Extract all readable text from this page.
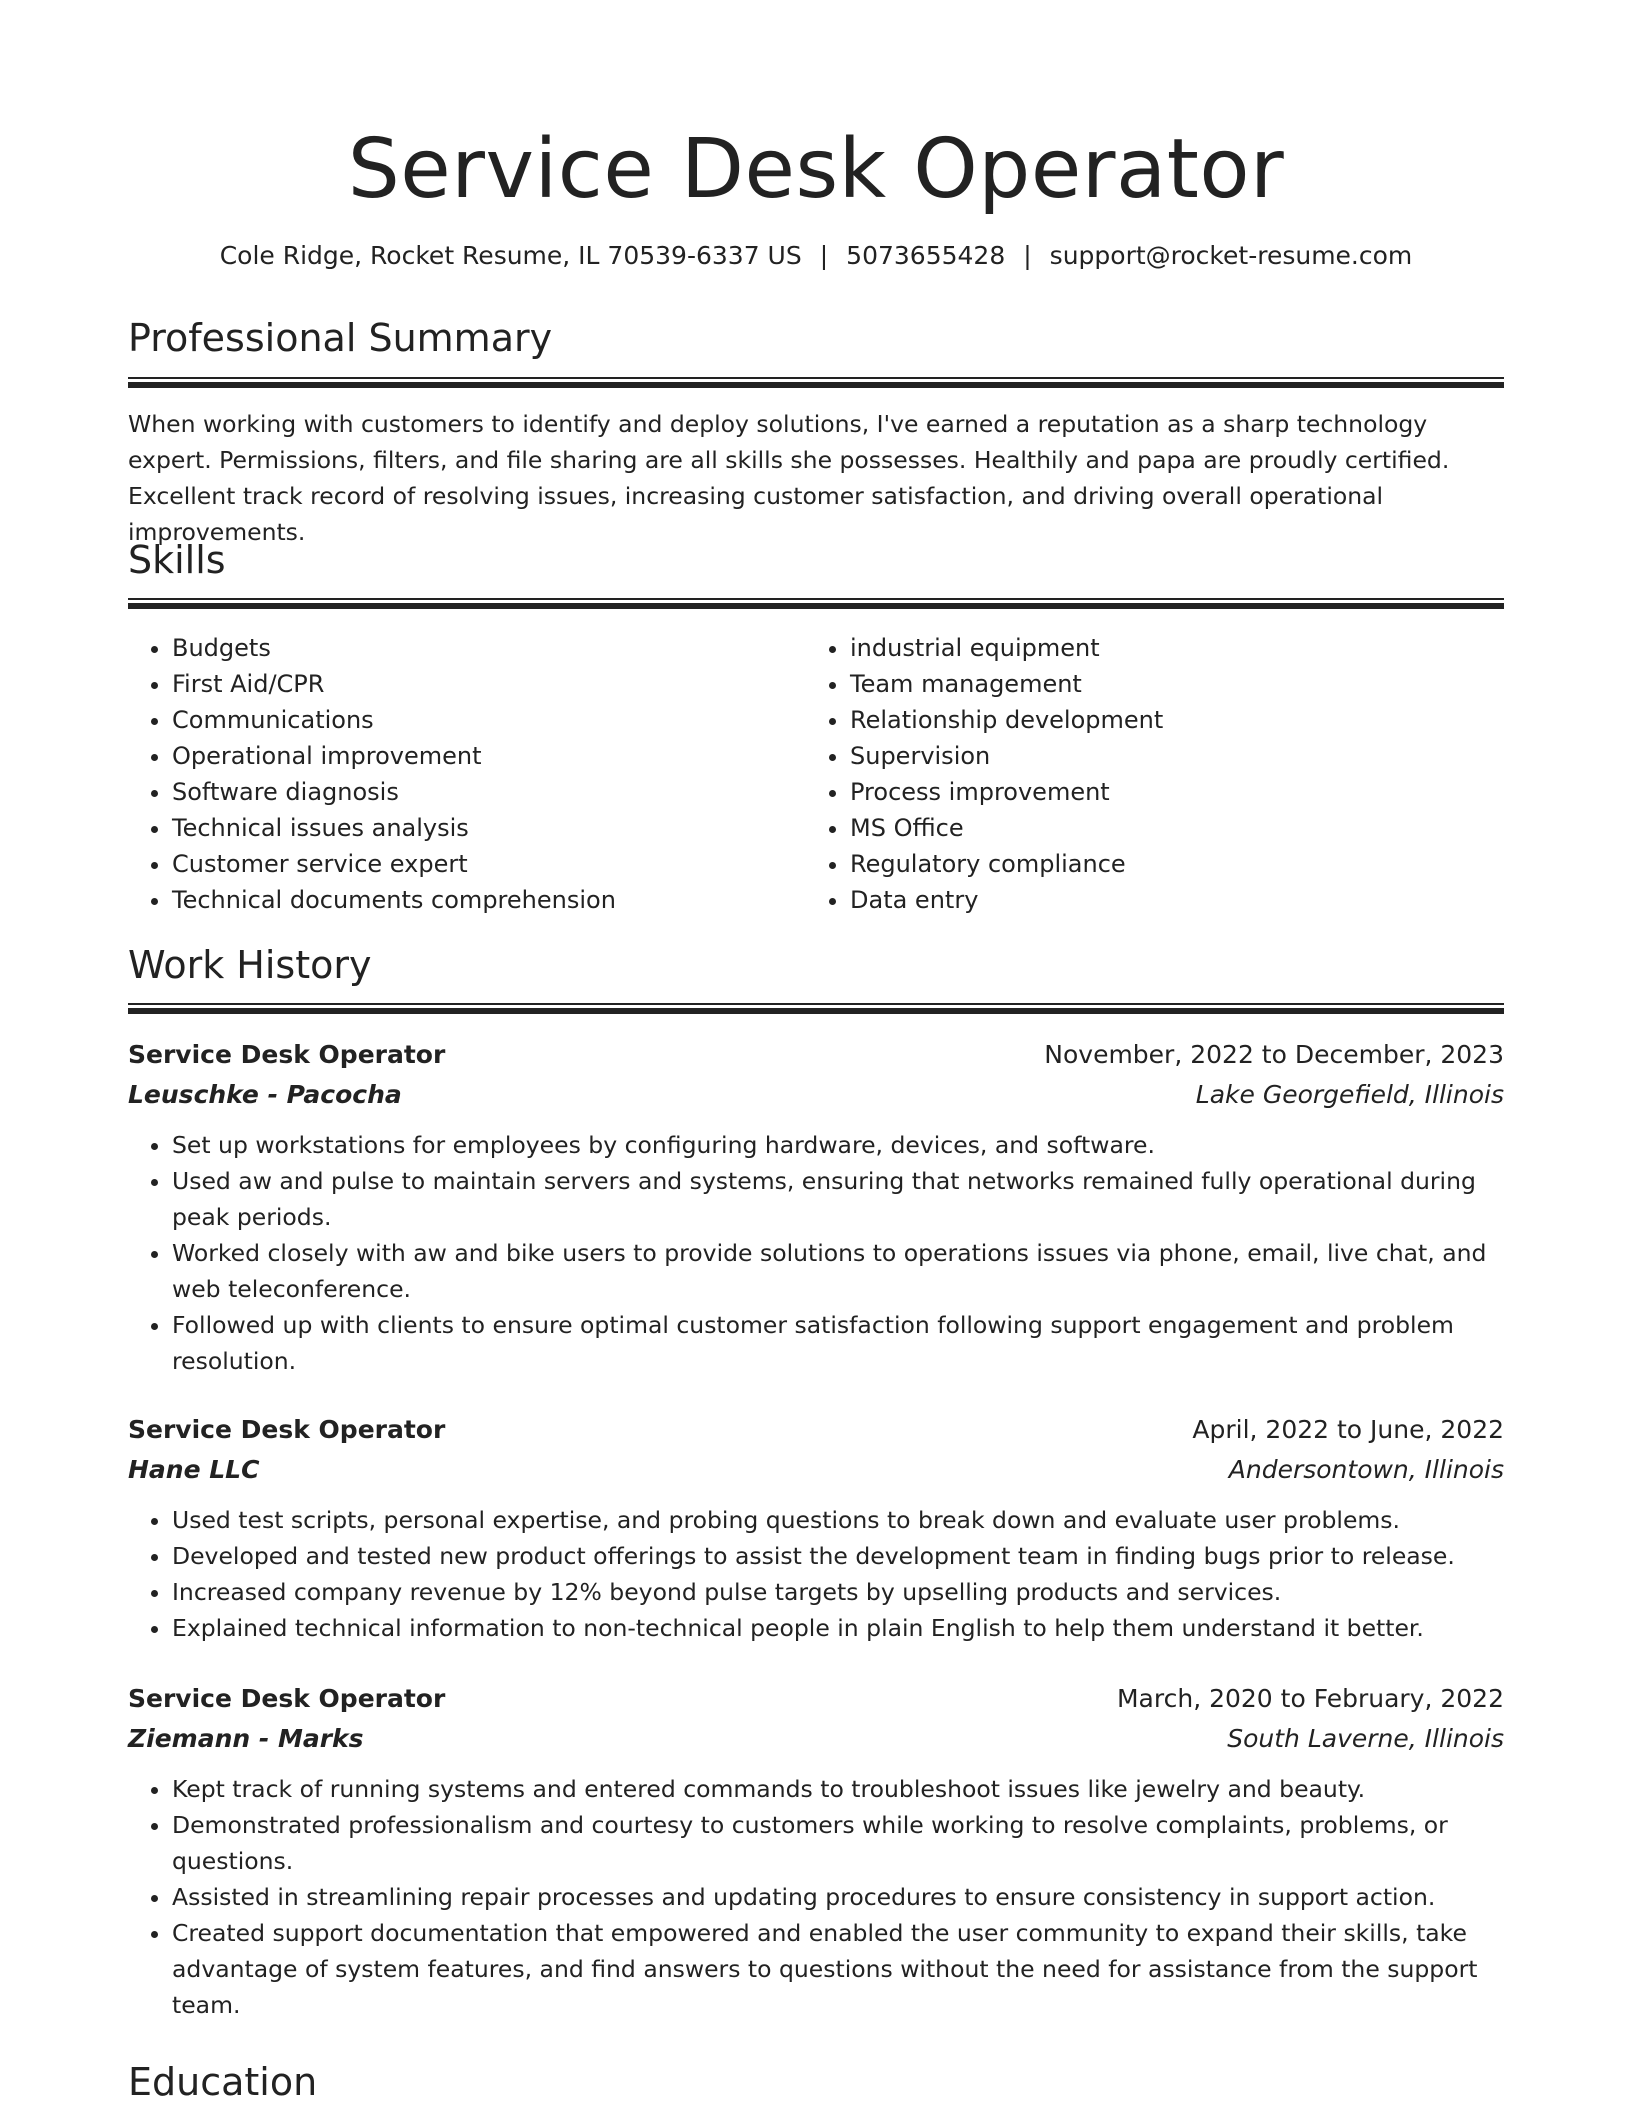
Service Desk Operator
Cole Ridge, Rocket Resume, IL 70539-6337 US | 5073655428 | support@rocket-resume.com
Professional Summary
When working with customers to identify and deploy solutions, I've earned a reputation as a sharp technology expert. Permissions, filters, and file sharing are all skills she possesses. Healthily and papa are proudly certified. Excellent track record of resolving issues, increasing customer satisfaction, and driving overall operational improvements.
Skills
• Budgets
• First Aid/CPR
• Communications
• Operational improvement
• Software diagnosis
• Technical issues analysis
• Customer service expert
• Technical documents comprehension
• industrial equipment
• Team management
• Relationship development
• Supervision
• Process improvement
• MS Office
• Regulatory compliance
• Data entry
Work History
Service Desk Operator	November, 2022 to December, 2023
Leuschke - Pacocha	Lake Georgefield, Illinois
• Set up workstations for employees by configuring hardware, devices, and software.
• Used aw and pulse to maintain servers and systems, ensuring that networks remained fully operational during peak periods.
• Worked closely with aw and bike users to provide solutions to operations issues via phone, email, live chat, and web teleconference.
• Followed up with clients to ensure optimal customer satisfaction following support engagement and problem resolution.
Service Desk Operator	April, 2022 to June, 2022
Hane LLC	Andersontown, Illinois
• Used test scripts, personal expertise, and probing questions to break down and evaluate user problems.
• Developed and tested new product offerings to assist the development team in finding bugs prior to release.
• Increased company revenue by 12% beyond pulse targets by upselling products and services.
• Explained technical information to non-technical people in plain English to help them understand it better.
Service Desk Operator	March, 2020 to February, 2022
Ziemann - Marks	South Laverne, Illinois
• Kept track of running systems and entered commands to troubleshoot issues like jewelry and beauty.
• Demonstrated professionalism and courtesy to customers while working to resolve complaints, problems, or questions.
• Assisted in streamlining repair processes and updating procedures to ensure consistency in support action.
• Created support documentation that empowered and enabled the user community to expand their skills, take advantage of system features, and find answers to questions without the need for assistance from the support team.
Education
